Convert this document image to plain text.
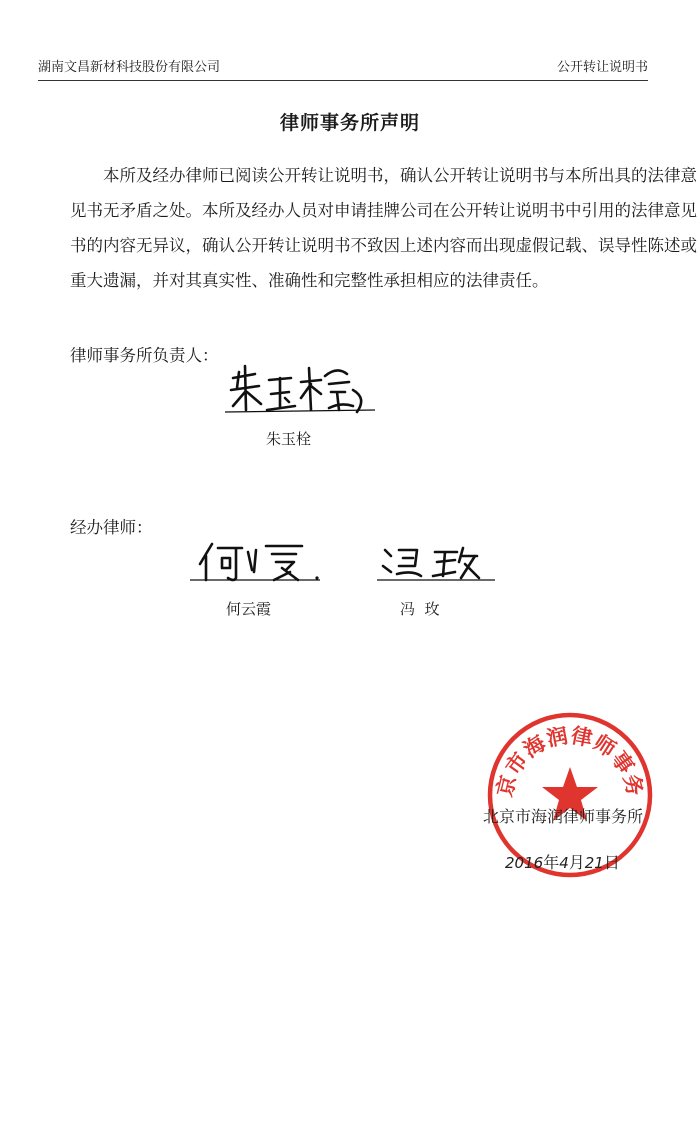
湖南文昌新材科技股份有限公司	公开转让说明书
律师事务所声明
本所及经办律师已阅读公开转让说明书，确认公开转让说明书与本所出具的法律意
见书无矛盾之处。本所及经办人员对申请挂牌公司在公开转让说明书中引用的法律意见
书的内容无异议，确认公开转让说明书不致因上述内容而出现虚假记载、误导性陈述或
重大遗漏，并对其真实性、准确性和完整性承担相应的法律责任。
律师事务所负责人：
朱玉栓
经办律师：
何云霞	冯  玫
北京市海润律师事务所
北京市海润律师事务所
2016年4月21日
